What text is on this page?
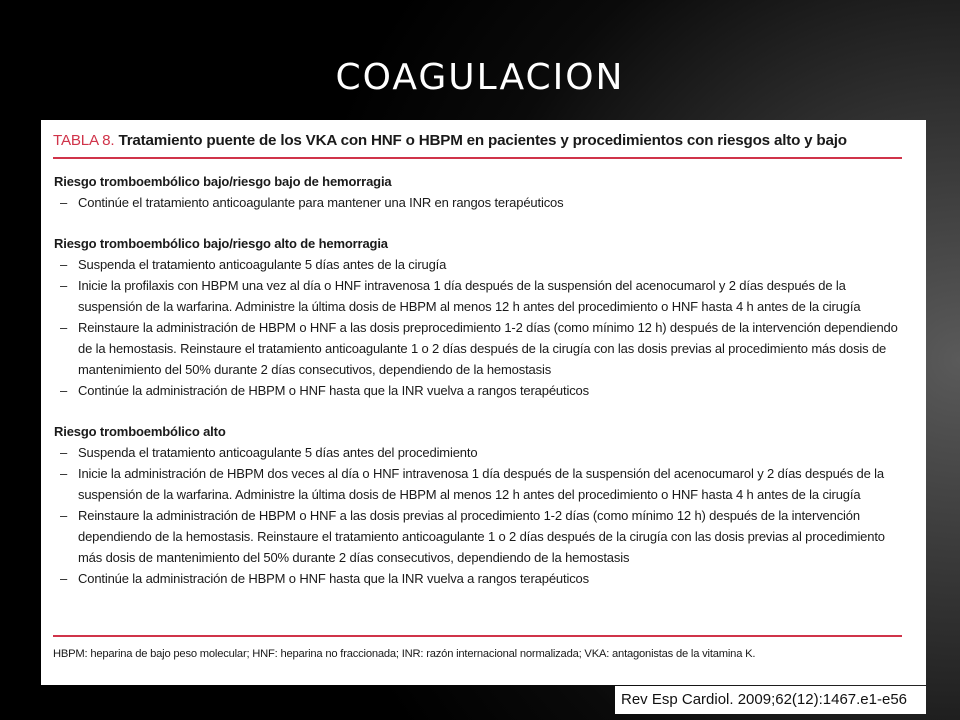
COAGULACION
TABLA 8. Tratamiento puente de los VKA con HNF o HBPM en pacientes y procedimientos con riesgos alto y bajo
Riesgo tromboembólico bajo/riesgo bajo de hemorragia
– Continúe el tratamiento anticoagulante para mantener una INR en rangos terapéuticos
Riesgo tromboembólico bajo/riesgo alto de hemorragia
– Suspenda el tratamiento anticoagulante 5 días antes de la cirugía
– Inicie la profilaxis con HBPM una vez al día o HNF intravenosa 1 día después de la suspensión del acenocumarol y 2 días después de la suspensión de la warfarina. Administre la última dosis de HBPM al menos 12 h antes del procedimiento o HNF hasta 4 h antes de la cirugía
– Reinstaure la administración de HBPM o HNF a las dosis preprocedimiento 1-2 días (como mínimo 12 h) después de la intervención dependiendo de la hemostasis. Reinstaure el tratamiento anticoagulante 1 o 2 días después de la cirugía con las dosis previas al procedimiento más dosis de mantenimiento del 50% durante 2 días consecutivos, dependiendo de la hemostasis
– Continúe la administración de HBPM o HNF hasta que la INR vuelva a rangos terapéuticos
Riesgo tromboembólico alto
– Suspenda el tratamiento anticoagulante 5 días antes del procedimiento
– Inicie la administración de HBPM dos veces al día o HNF intravenosa 1 día después de la suspensión del acenocumarol y 2 días después de la suspensión de la warfarina. Administre la última dosis de HBPM al menos 12 h antes del procedimiento o HNF hasta 4 h antes de la cirugía
– Reinstaure la administración de HBPM o HNF a las dosis previas al procedimiento 1-2 días (como mínimo 12 h) después de la intervención dependiendo de la hemostasis. Reinstaure el tratamiento anticoagulante 1 o 2 días después de la cirugía con las dosis previas al procedimiento más dosis de mantenimiento del 50% durante 2 días consecutivos, dependiendo de la hemostasis
– Continúe la administración de HBPM o HNF hasta que la INR vuelva a rangos terapéuticos
HBPM: heparina de bajo peso molecular; HNF: heparina no fraccionada; INR: razón internacional normalizada; VKA: antagonistas de la vitamina K.
Rev Esp Cardiol. 2009;62(12):1467.e1-e56
